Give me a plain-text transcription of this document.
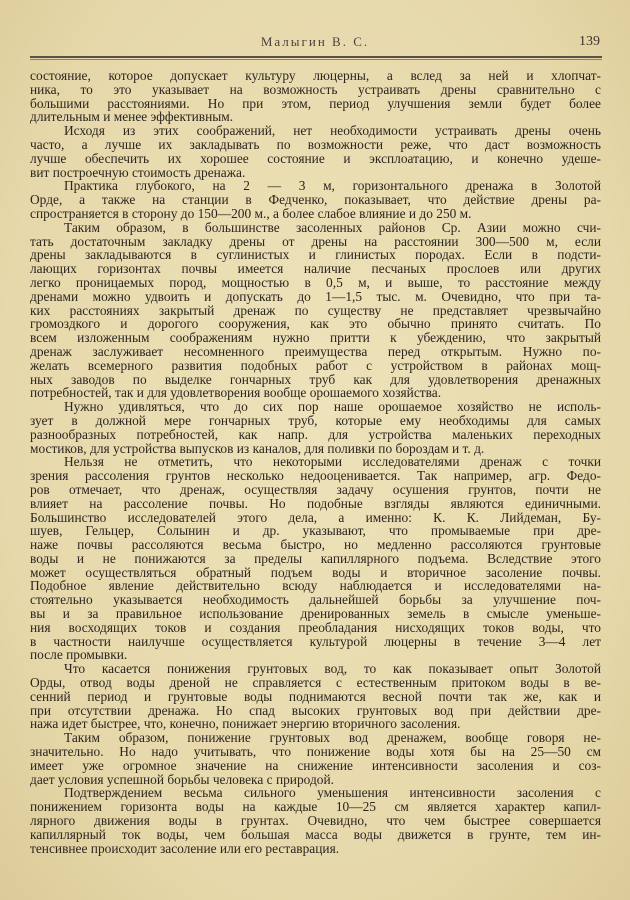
Малыгин В. С.	139
состояние, которое допускает культуру люцерны, а вслед за ней и хлопчат-
ника, то это указывает на возможность устраивать дрены сравнительно с
большими расстояниями. Но при этом, период улучшения земли будет более
длительным и менее эффективным.
Исходя из этих соображений, нет необходимости устраивать дрены очень
часто, а лучше их закладывать по возможности реже, что даст возможность
лучше обеспечить их хорошее состояние и эксплоатацию, и конечно удеше-
вит построечную стоимость дренажа.
Практика глубокого, на 2 — 3 м, горизонтального дренажа в Золотой
Орде, а также на станции в Федченко, показывает, что действие дрены ра-
спространяется в сторону до 150—200 м., а более слабое влияние и до 250 м.
Таким образом, в большинстве засоленных районов Ср. Азии можно счи-
тать достаточным закладку дрены от дрены на расстоянии 300—500 м, если
дрены закладываются в суглинистых и глинистых породах. Если в подсти-
лающих горизонтах почвы имеется наличие песчаных прослоев или других
легко проницаемых пород, мощностью в 0,5 м, и выше, то расстояние между
дренами можно удвоить и допускать до 1—1,5 тыс. м. Очевидно, что при та-
ких расстояниях закрытый дренаж по существу не представляет чрезвычайно
громоздкого и дорогого сооружения, как это обычно принято считать. По
всем изложенным соображениям нужно притти к убеждению, что закрытый
дренаж заслуживает несомненного преимущества перед открытым. Нужно по-
желать всемерного развития подобных работ с устройством в районах мощ-
ных заводов по выделке гончарных труб как для удовлетворения дренажных
потребностей, так и для удовлетворения вообще орошаемого хозяйства.
Нужно удивляться, что до сих пор наше орошаемое хозяйство не исполь-
зует в должной мере гончарных труб, которые ему необходимы для самых
разнообразных потребностей, как напр. для устройства маленьких переходных
мостиков, для устройства выпусков из каналов, для поливки по бороздам и т. д.
Нельзя не отметить, что некоторыми исследователями дренаж с точки
зрения рассоления грунтов несколько недооценивается. Так например, агр. Федо-
ров отмечает, что дренаж, осуществляя задачу осушения грунтов, почти не
влияет на рассоление почвы. Но подобные взгляды являются единичными.
Большинство исследователей этого дела, а именно: К. К. Лийдеман, Бу-
шуев, Гельцер, Солынин и др. указывают, что промываемые при дре-
наже почвы рассоляются весьма быстро, но медленно рассоляются грунтовые
воды и не понижаются за пределы капиллярного подъема. Вследствие этого
может осуществляться обратный подъем воды и вторичное засоление почвы.
Подобное явление действительно всюду наблюдается и исследователями на-
стоятельно указывается необходимость дальнейшей борьбы за улучшение поч-
вы и за правильное использование дренированных земель в смысле уменьше-
ния восходящих токов и создания преобладания нисходящих токов воды, что
в частности наилучше осуществляется культурой люцерны в течение 3—4 лет
после промывки.
Что касается понижения грунтовых вод, то как показывает опыт Золотой
Орды, отвод воды дреной не справляется с естественным притоком воды в ве-
сенний период и грунтовые воды поднимаются весной почти так же, как и
при отсутствии дренажа. Но спад высоких грунтовых вод при действии дре-
нажа идет быстрее, что, конечно, понижает энергию вторичного засоления.
Таким образом, понижение грунтовых вод дренажем, вообще говоря не-
значительно. Но надо учитывать, что понижение воды хотя бы на 25—50 см
имеет уже огромное значение на снижение интенсивности засоления и соз-
дает условия успешной борьбы человека с природой.
Подтверждением весьма сильного уменьшения интенсивности засоления с
понижением горизонта воды на каждые 10—25 см является характер капил-
лярного движения воды в грунтах. Очевидно, что чем быстрее совершается
капиллярный ток воды, чем большая масса воды движется в грунте, тем ин-
тенсивнее происходит засоление или его реставрация.
